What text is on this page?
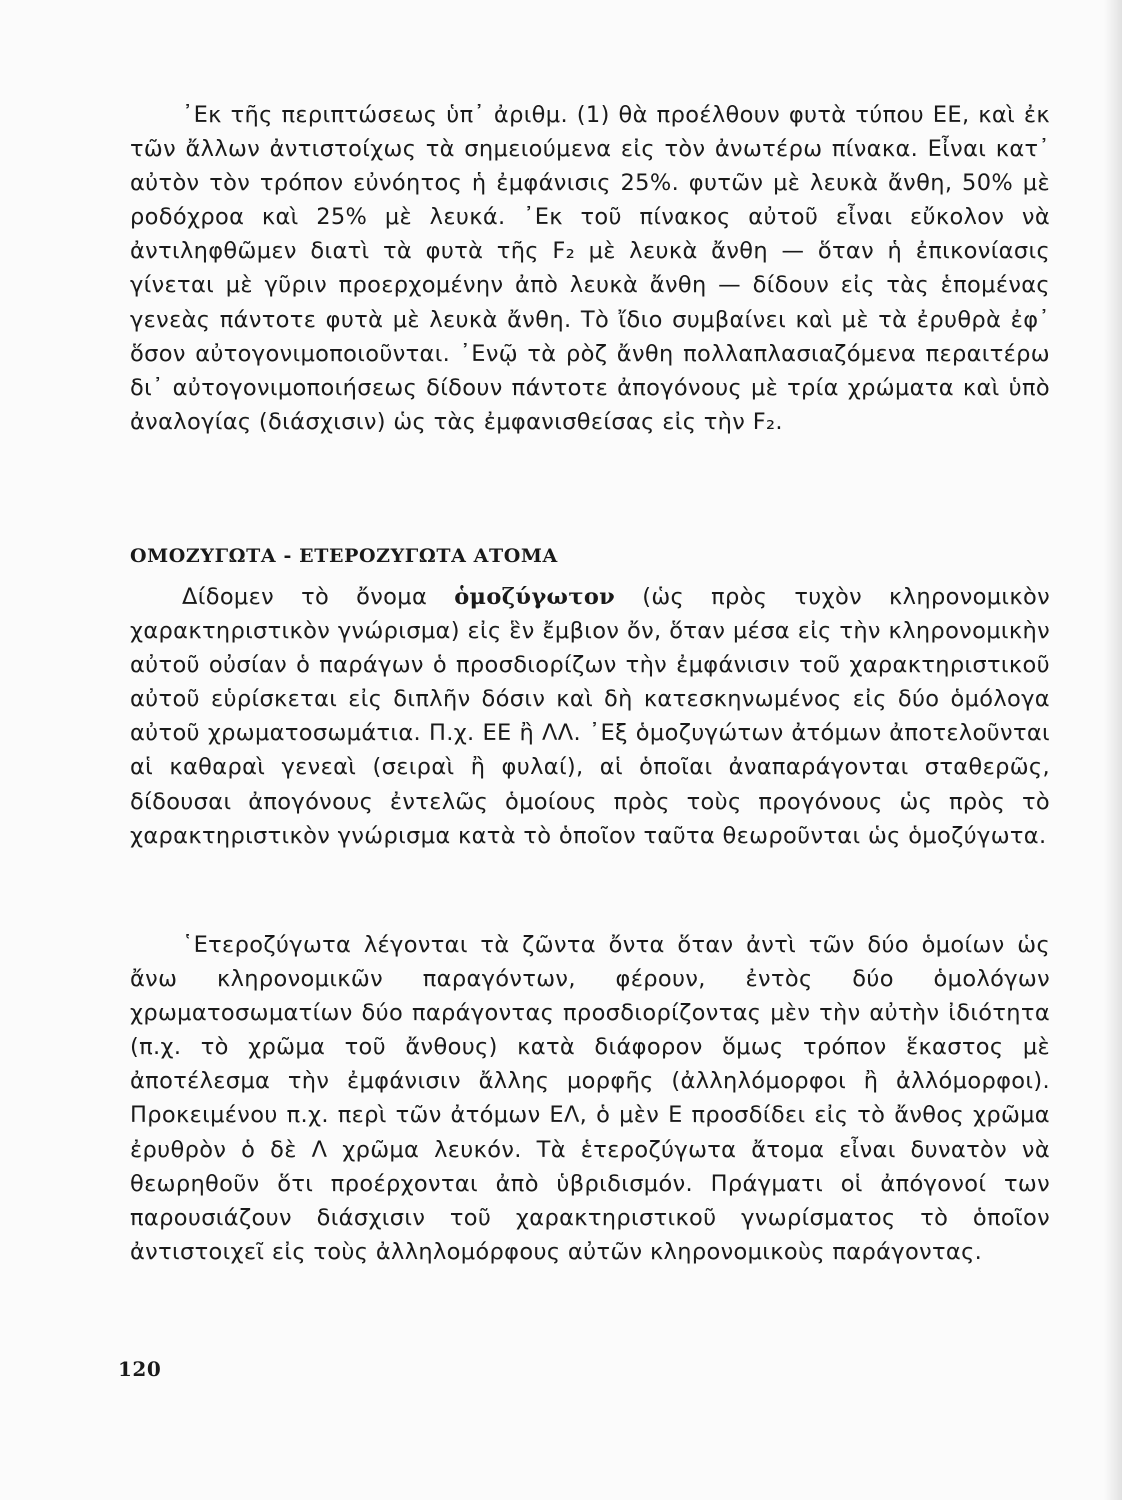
᾿Εκ τῆς περιπτώσεως ὑπ᾿ ἀριθμ. (1) θὰ προέλθουν φυτὰ τύπου ΕΕ, καὶ ἐκ τῶν ἄλλων ἀντιστοίχως τὰ σημειούμενα εἰς τὸν ἀνωτέρω πίνακα. Εἶναι κατ᾿ αὐτὸν τὸν τρόπον εὐνόητος ἡ ἐμφάνισις 25%. φυτῶν μὲ λευκὰ ἄνθη, 50% μὲ ροδόχροα καὶ 25% μὲ λευκά. ᾿Εκ τοῦ πίνακος αὐτοῦ εἶναι εὔκολον νὰ ἀντιληφθῶμεν διατὶ τὰ φυτὰ τῆς F₂ μὲ λευκὰ ἄνθη — ὅταν ἡ ἐπικονίασις γίνεται μὲ γῦριν προερχομένην ἀπὸ λευκὰ ἄνθη — δίδουν εἰς τὰς ἑπομένας γενεὰς πάντοτε φυτὰ μὲ λευκὰ ἄνθη. Τὸ ἴδιο συμβαίνει καὶ μὲ τὰ ἐρυθρὰ ἐφ᾿ ὅσον αὐτογονιμοποιοῦνται. ᾿Ενῷ τὰ ρὸζ ἄνθη πολλαπλασιαζόμενα περαιτέρω δι᾿ αὐτογονιμοποιήσεως δίδουν πάντοτε ἀπογόνους μὲ τρία χρώματα καὶ ὑπὸ ἀναλογίας (διάσχισιν) ὡς τὰς ἐμφανισθείσας εἰς τὴν F₂.

ΟΜΟΖΥΓΩΤΑ - ΕΤΕΡΟΖΥΓΩΤΑ ΑΤΟΜΑ

Δίδομεν τὸ ὄνομα ὁμοζύγωτον (ὡς πρὸς τυχὸν κληρονομικὸν χαρακτηριστικὸν γνώρισμα) εἰς ἓν ἔμβιον ὄν, ὅταν μέσα εἰς τὴν κληρονομικὴν αὐτοῦ οὐσίαν ὁ παράγων ὁ προσδιορίζων τὴν ἐμφάνισιν τοῦ χαρακτηριστικοῦ αὐτοῦ εὑρίσκεται εἰς διπλῆν δόσιν καὶ δὴ κατεσκηνωμένος εἰς δύο ὁμόλογα αὐτοῦ χρωματοσωμάτια. Π.χ. ΕΕ ἢ ΛΛ. ᾿Εξ ὁμοζυγώτων ἀτόμων ἀποτελοῦνται αἱ καθαραὶ γενεαὶ (σειραὶ ἢ φυλαί), αἱ ὁποῖαι ἀναπαράγονται σταθερῶς, δίδουσαι ἀπογόνους ἐντελῶς ὁμοίους πρὸς τοὺς προγόνους ὡς πρὸς τὸ χαρακτηριστικὸν γνώρισμα κατὰ τὸ ὁποῖον ταῦτα θεωροῦνται ὡς ὁμοζύγωτα.

῾Ετεροζύγωτα λέγονται τὰ ζῶντα ὄντα ὅταν ἀντὶ τῶν δύο ὁμοίων ὡς ἄνω κληρονομικῶν παραγόντων, φέρουν, ἐντὸς δύο ὁμολόγων χρωματοσωματίων δύο παράγοντας προσδιορίζοντας μὲν τὴν αὐτὴν ἰδιότητα (π.χ. τὸ χρῶμα τοῦ ἄνθους) κατὰ διάφορον ὅμως τρόπον ἕκαστος μὲ ἀποτέλεσμα τὴν ἐμφάνισιν ἄλλης μορφῆς (ἀλληλόμορφοι ἢ ἀλλόμορφοι). Προκειμένου π.χ. περὶ τῶν ἀτόμων ΕΛ, ὁ μὲν Ε προσδίδει εἰς τὸ ἄνθος χρῶμα ἐρυθρὸν ὁ δὲ Λ χρῶμα λευκόν. Τὰ ἑτεροζύγωτα ἄτομα εἶναι δυνατὸν νὰ θεωρηθοῦν ὅτι προέρχονται ἀπὸ ὑβριδισμόν. Πράγματι οἱ ἀπόγονοί των παρουσιάζουν διάσχισιν τοῦ χαρακτηριστικοῦ γνωρίσματος τὸ ὁποῖον ἀντιστοιχεῖ εἰς τοὺς ἀλληλομόρφους αὐτῶν κληρονομικοὺς παράγοντας.

120
